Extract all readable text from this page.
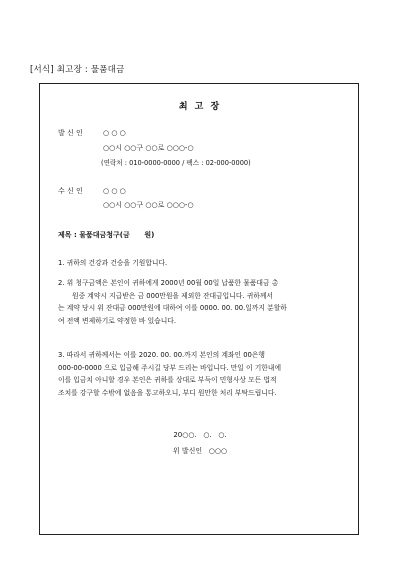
[서식] 최고장 : 물품대금
최 고 장
발 신 인	○ ○ ○
○○시 ○○구 ○○로 ○○○-○
(연락처 : 010-0000-0000 / 팩스 : 02-000-0000)
수 신 인	○ ○ ○
○○시 ○○구 ○○로 ○○○-○
제목 : 물품대금청구(금      원)
1. 귀하의 건강과 건승을 기원합니다.
2. 위 청구금액은 본인이 귀하에게 2000년 00월 00일 납품한 물품대금 총
원중 계약시 지급받은 금 000만원을 제외한 잔대금입니다. 귀하께서
는 계약 당시 위 잔대금 000만원에 대하여 이를 0000. 00. 00.일까지 분할하
여 전액 변제하기로 약정한 바 있습니다.
3. 따라서 귀하께서는 이를 2020. 00. 00.까지 본인의 계좌인 00은행
000-00-0000 으로 입금해 주시길 당부 드리는 바입니다. 만일 이 기한내에
이를 입금치 아니할 경우 본인은 귀하를 상대로 부득이 민형사상 모든 법적
조치를 강구할 수밖에 없음을 통고하오니, 부디 원만한 처리 부탁드립니다.
20○○.   ○.   ○.
위 발신인   ○○○
